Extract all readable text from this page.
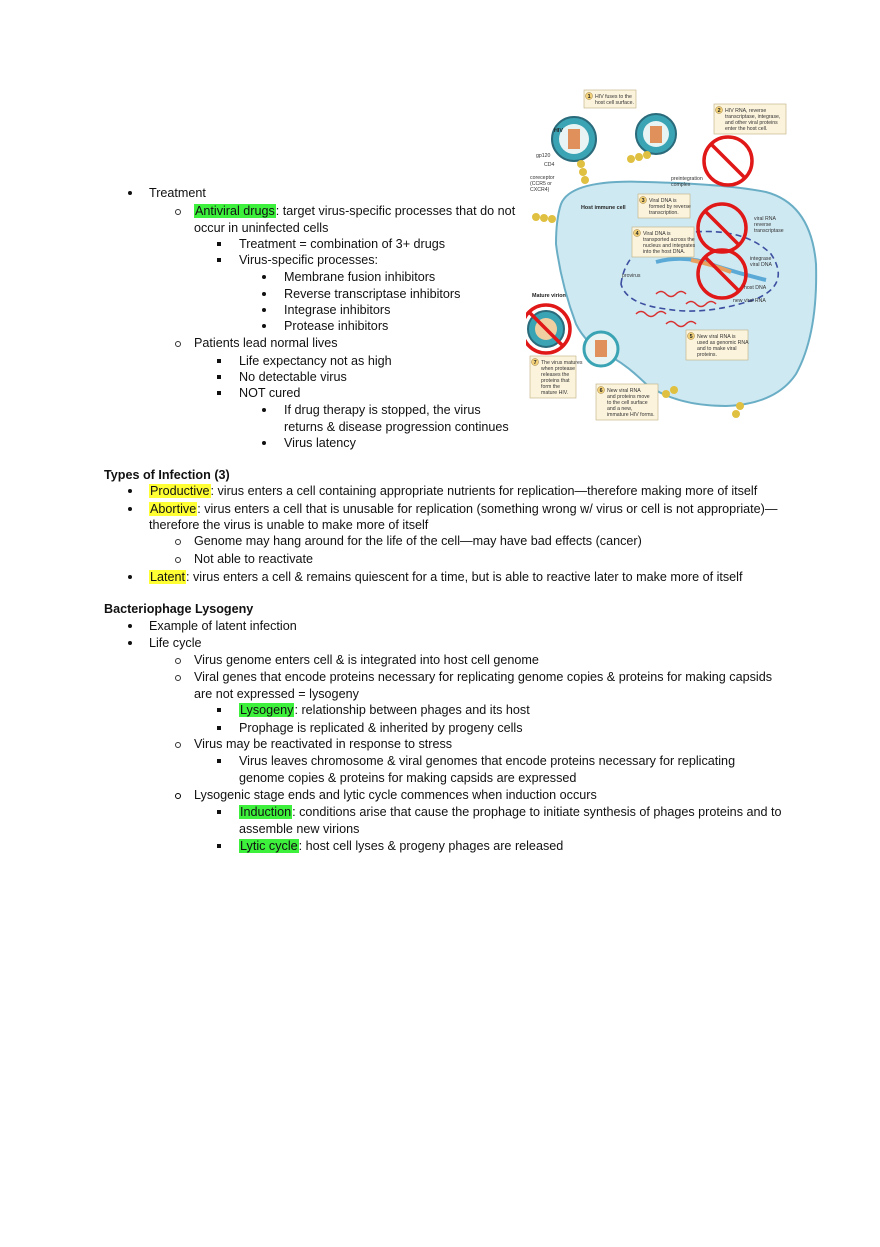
Treatment
Antiviral drugs: target virus-specific processes that do not
occur in uninfected cells
Treatment = combination of 3+ drugs
Virus-specific processes:
Membrane fusion inhibitors
Reverse transcriptase inhibitors
Integrase inhibitors
Protease inhibitors
Patients lead normal lives
Life expectancy not as high
No detectable virus
NOT cured
If drug therapy is stopped, the virus
returns & disease progression continues
Virus latency
Types of Infection (3)
Productive: virus enters a cell containing appropriate nutrients for replication—therefore making more of itself
Abortive: virus enters a cell that is unusable for replication (something wrong w/ virus or cell is not appropriate)—
therefore the virus is unable to make more of itself
Genome may hang around for the life of the cell—may have bad effects (cancer)
Not able to reactivate
Latent: virus enters a cell & remains quiescent for a time, but is able to reactive later to make more of itself
Bacteriophage Lysogeny
Example of latent infection
Life cycle
Virus genome enters cell & is integrated into host cell genome
Viral genes that encode proteins necessary for replicating genome copies & proteins for making capsids
are not expressed = lysogeny
Lysogeny: relationship between phages and its host
Prophage is replicated & inherited by progeny cells
Virus may be reactivated in response to stress
Virus leaves chromosome & viral genomes that encode proteins necessary for replicating
genome copies & proteins for making capsids are expressed
Lysogenic stage ends and lytic cycle commences when induction occurs
Induction: conditions arise that cause the prophage to initiate synthesis of phages proteins and to
assemble new virions
Lytic cycle: host cell lyses & progeny phages are released
HIV
gp120
CD4
coreceptor
(CCR5 or
CXCR4)
Host immune cell
preintegration
complex
Mature virion
provirus
viral RNA
reverse
transcriptase
integrase
viral DNA
host DNA
new viral RNA
1 HIV fuses to the
host cell surface.
2 HIV RNA, reverse
transcriptase, integrase,
and other viral proteins
enter the host cell.
3 Viral DNA is
formed by reverse
transcription.
4 Viral DNA is
transported across the
nucleus and integrates
into the host DNA.
5 New viral RNA is
used as genomic RNA
and to make viral
proteins.
6 New viral RNA
and proteins move
to the cell surface
and a new,
immature HIV forms.
7 The virus matures
when protease
releases the
proteins that
form the
mature HIV.
